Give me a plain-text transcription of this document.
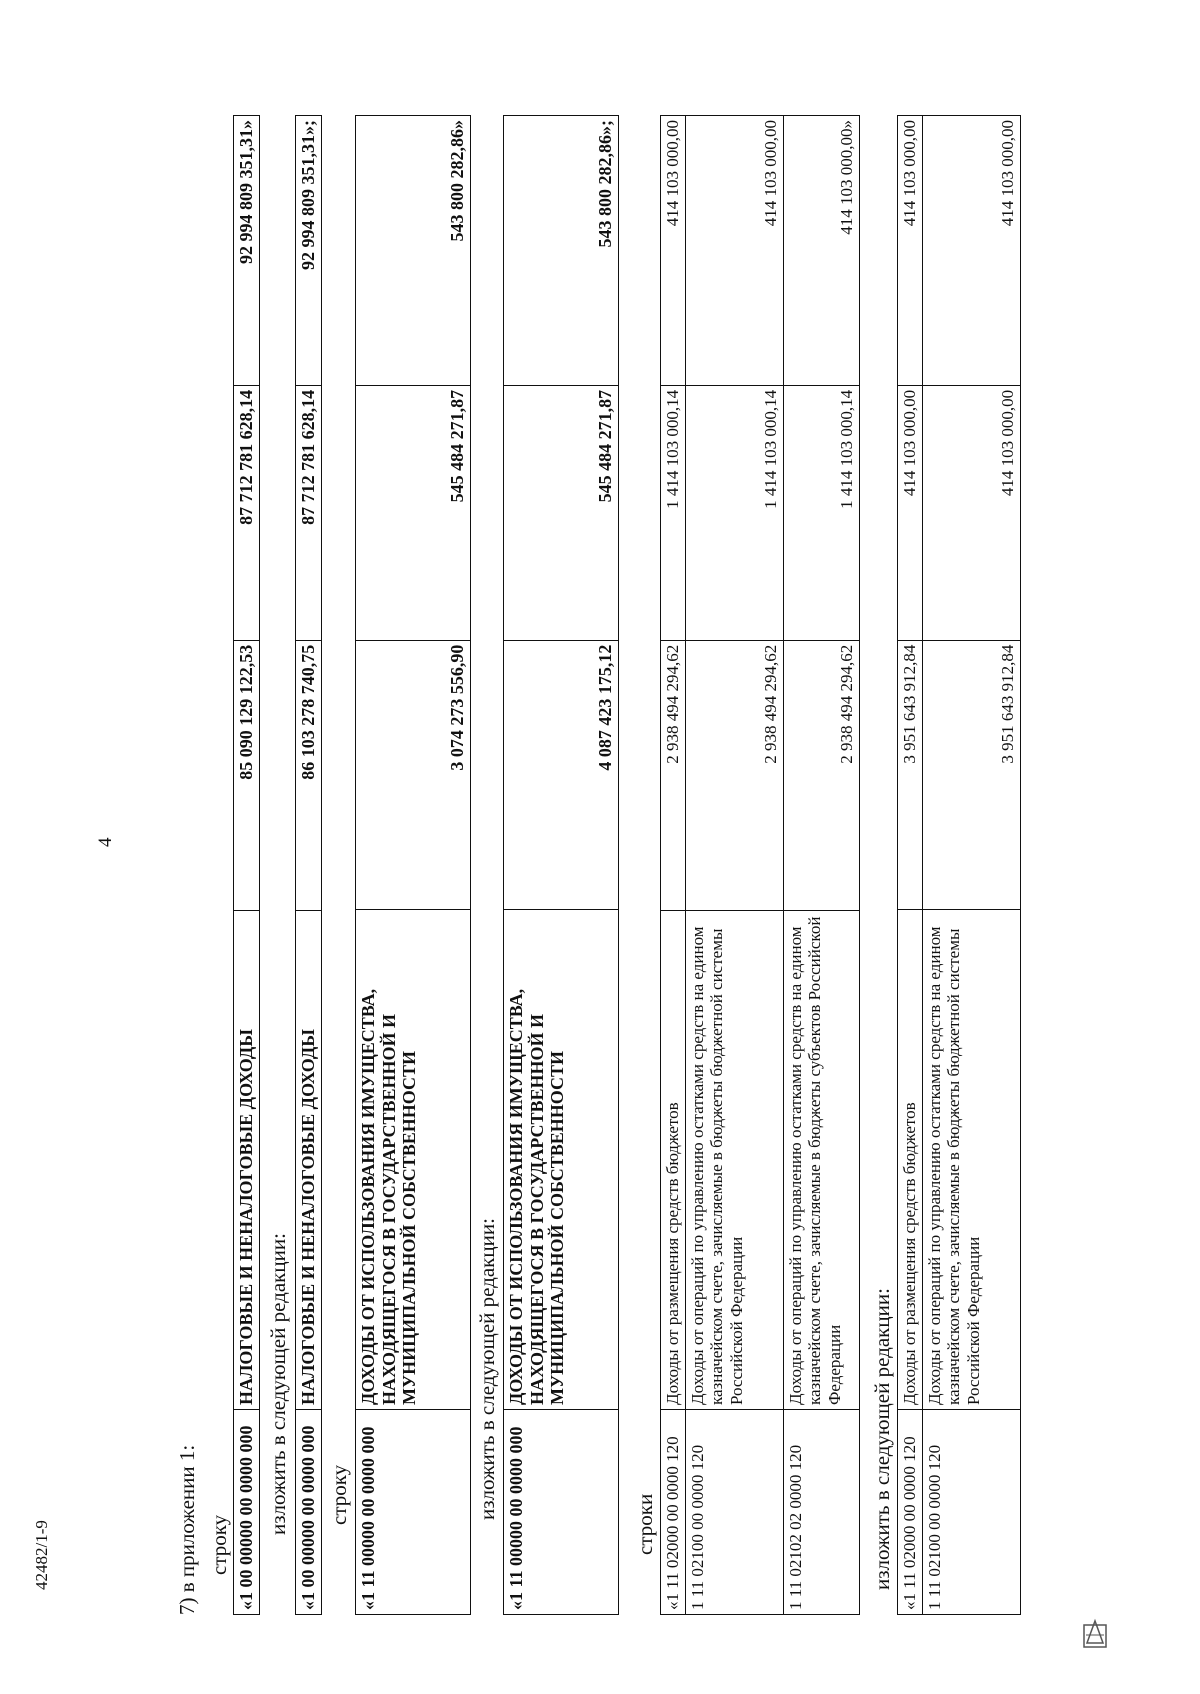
4
42482/1-9	7) в приложении 1: строку «1 00 00000 00 0000 000	НАЛОГОВЫЕ И НЕНАЛОГОВЫЕ ДОХОДЫ	85 090 129 122,53	87 712 781 628,14	92 994 809 351,31»
изложить в следующей редакции: «1 00 00000 00 0000 000	НАЛОГОВЫЕ И НЕНАЛОГОВЫЕ ДОХОДЫ	86 103 278 740,75	87 712 781 628,14	92 994 809 351,31»;
строку «1 11 00000 00 0000 000	ДОХОДЫ ОТ ИСПОЛЬЗОВАНИЯ ИМУЩЕСТВА, НАХОДЯЩЕГОСЯ В ГОСУДАРСТВЕННОЙ И МУНИЦИПАЛЬНОЙ СОБСТВЕННОСТИ	3 074 273 556,90	545 484 271,87	543 800 282,86»
изложить в следующей редакции: «1 11 00000 00 0000 000	ДОХОДЫ ОТ ИСПОЛЬЗОВАНИЯ ИМУЩЕСТВА, НАХОДЯЩЕГОСЯ В ГОСУДАРСТВЕННОЙ И МУНИЦИПАЛЬНОЙ СОБСТВЕННОСТИ	4 087 423 175,12	545 484 271,87	543 800 282,86»;
строки «1 11 02000 00 0000 120	Доходы от размещения средств бюджетов	2 938 494 294,62	1 414 103 000,14	414 103 000,00
1 11 02100 00 0000 120	Доходы от операций по управлению остатками средств на едином казначейском счете, зачисляемые в бюджеты бюджетной системы Российской Федерации	2 938 494 294,62	1 414 103 000,14	414 103 000,00
1 11 02102 02 0000 120	Доходы от операций по управлению остатками средств на едином казначейском счете, зачисляемые в бюджеты субъектов Российской Федерации	2 938 494 294,62	1 414 103 000,14	414 103 000,00»
изложить в следующей редакции: «1 11 02000 00 0000 120	Доходы от размещения средств бюджетов	3 951 643 912,84	414 103 000,00	414 103 000,00
1 11 02100 00 0000 120	Доходы от операций по управлению остатками средств на едином казначейском счете, зачисляемые в бюджеты бюджетной системы Российской Федерации	3 951 643 912,84	414 103 000,00	414 103 000,00
